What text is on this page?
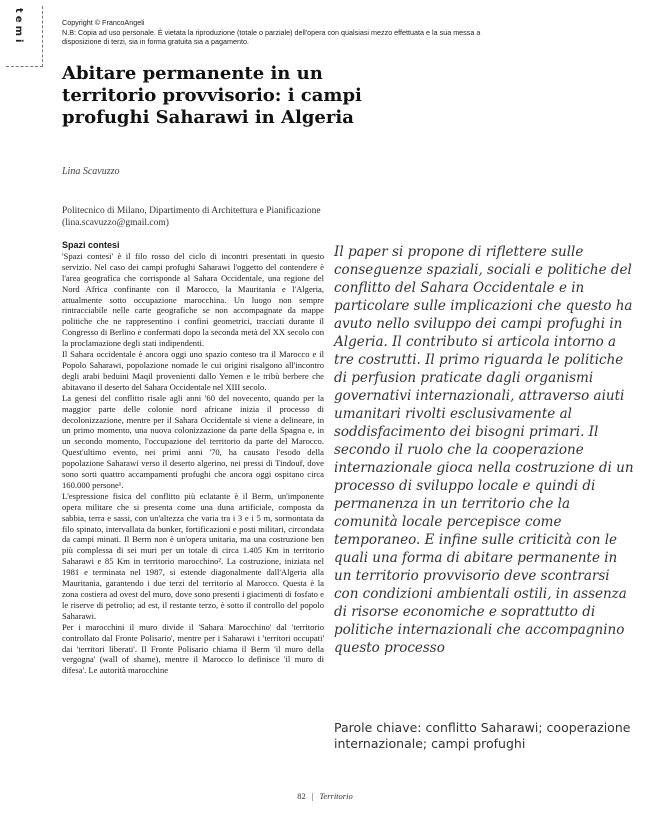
temi	Copyright © FrancoAngeli
N.B: Copia ad uso personale. È vietata la riproduzione (totale o parziale) dell'opera con qualsiasi mezzo effettuata e la sua messa a disposizione di terzi, sia in forma gratuita sia a pagamento.
Abitare permanente in un territorio provvisorio: i campi profughi Saharawi in Algeria
Lina Scavuzzo
Politecnico di Milano, Dipartimento di Architettura e Pianificazione
(lina.scavuzzo@gmail.com)
Spazi contesi

'Spazi contesi' è il filo rosso del ciclo di incontri presentati in questo servizio. Nel caso dei campi profughi Saharawi l'oggetto del contendere è l'area geografica che corrisponde al Sahara Occidentale, una regione del Nord Africa confinante con il Marocco, la Mauritania e l'Algeria, attualmente sotto occupazione marocchina. Un luogo non sempre rintracciabile nelle carte geografiche se non accompagnate da mappe politiche che ne rappresentino i confini geometrici, tracciati durante il Congresso di Berlino e confermati dopo la seconda metà del XX secolo con la proclamazione degli stati indipendenti.

Il Sahara occidentale è ancora oggi uno spazio conteso tra il Marocco e il Popolo Saharawi, popolazione nomade le cui origini risalgono all'incontro degli arabi beduini Maqil provenienti dallo Yemen e le tribù berbere che abitavano il deserto del Sahara Occidentale nel XIII secolo.

La genesi del conflitto risale agli anni '60 del novecento, quando per la maggior parte delle colonie nord africane inizia il processo di decolonizzazione, mentre per il Sahara Occidentale si viene a delineare, in un primo momento, una nuova colonizzazione da parte della Spagna e, in un secondo momento, l'occupazione del territorio da parte del Marocco. Quest'ultimo evento, nei primi anni '70, ha causato l'esodo della popolazione Saharawi verso il deserto algerino, nei pressi di Tindouf, dove sono sorti quattro accampamenti profughi che ancora oggi ospitano circa 160.000 persone¹.

L'espressione fisica del conflitto più eclatante è il Berm, un'imponente opera militare che si presenta come una duna artificiale, composta da sabbia, terra e sassi, con un'altezza che varia tra i 3 e i 5 m, sormontata da filo spinato, intervallata da bunker, fortificazioni e posti militari, circondata da campi minati. Il Berm non è un'opera unitaria, ma una costruzione ben più complessa di sei muri per un totale di circa 1.405 Km in territorio Saharawi e 85 Km in territorio marocchino². La costruzione, iniziata nel 1981 e terminata nel 1987, si estende diagonalmente dall'Algeria alla Mauritania, garantendo i due terzi del territorio al Marocco. Questa è la zona costiera ad ovest del muro, dove sono presenti i giacimenti di fosfato e le riserve di petrolio; ad est, il restante terzo, è sotto il controllo del popolo Saharawi.

Per i marocchini il muro divide il 'Sahara Marocchino' dal 'territorio controllato dal Fronte Polisario', mentre per i Saharawi i 'territori occupati' dai 'territori liberati'. Il Fronte Polisario chiama il Berm 'il muro della vergogna' (wall of shame), mentre il Marocco lo definisce 'il muro di difesa'. Le autorità marocchine

Il paper si propone di riflettere sulle conseguenze spaziali, sociali e politiche del conflitto del Sahara Occidentale e in particolare sulle implicazioni che questo ha avuto nello sviluppo dei campi profughi in Algeria. Il contributo si articola intorno a tre costrutti. Il primo riguarda le politiche di perfusion praticate dagli organismi governativi internazionali, attraverso aiuti umanitari rivolti esclusivamente al soddisfacimento dei bisogni primari. Il secondo il ruolo che la cooperazione internazionale gioca nella costruzione di un processo di sviluppo locale e quindi di permanenza in un territorio che la comunità locale percepisce come temporaneo. E infine sulle criticità con le quali una forma di abitare permanente in un territorio provvisorio deve scontrarsi con condizioni ambientali ostili, in assenza di risorse economiche e soprattutto di politiche internazionali che accompagnino questo processo

Parole chiave: conflitto Saharawi; cooperazione internazionale; campi profughi

82 | Territorio
